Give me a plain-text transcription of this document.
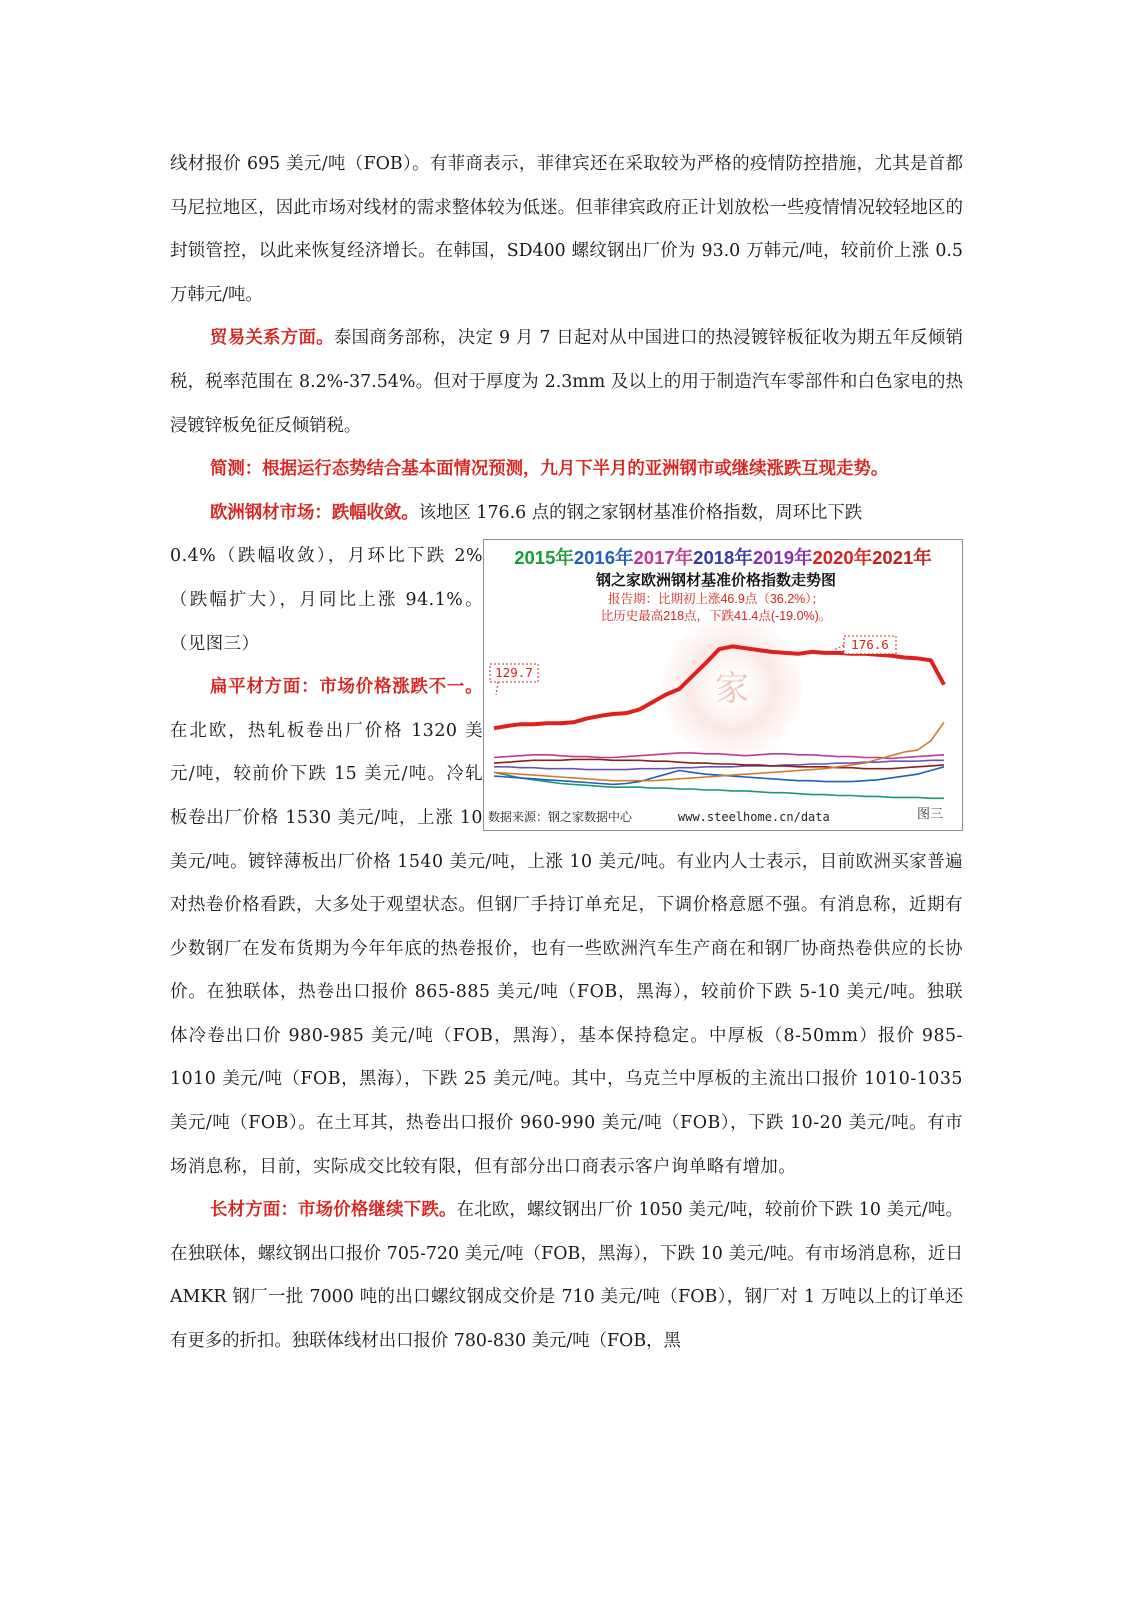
线材报价 695 美元/吨（FOB）。有菲商表示，菲律宾还在采取较为严格的疫情防控措施，尤其是首都马尼拉地区，因此市场对线材的需求整体较为低迷。但菲律宾政府正计划放松一些疫情情况较轻地区的封锁管控，以此来恢复经济增长。在韩国，SD400 螺纹钢出厂价为 93.0 万韩元/吨，较前价上涨 0.5 万韩元/吨。

贸易关系方面。泰国商务部称，决定 9 月 7 日起对从中国进口的热浸镀锌板征收为期五年反倾销税，税率范围在 8.2%-37.54%。但对于厚度为 2.3mm 及以上的用于制造汽车零部件和白色家电的热浸镀锌板免征反倾销税。

简测：根据运行态势结合基本面情况预测，九月下半月的亚洲钢市或继续涨跌互现走势。

欧洲钢材市场：跌幅收敛。该地区 176.6 点的钢之家钢材基准价格指数，周环比下跌

家
2015年2016年2017年2018年2019年2020年2021年
钢之家欧洲钢材基准价格指数走势图
报告期：比期初上涨46.9点（36.2%）；
比历史最高218点，下跌41.4点(-19.0%)。
129.7
176.6
数据来源：钢之家数据中心	www.steelhome.cn/data	图三

0.4%（跌幅收敛），月环比下跌 2%（跌幅扩大），月同比上涨 94.1%。（见图三）

扁平材方面：市场价格涨跌不一。在北欧，热轧板卷出厂价格 1320 美元/吨，较前价下跌 15 美元/吨。冷轧板卷出厂价格 1530 美元/吨，上涨 10 美元/吨。镀锌薄板出厂价格 1540 美元/吨，上涨 10 美元/吨。有业内人士表示，目前欧洲买家普遍对热卷价格看跌，大多处于观望状态。但钢厂手持订单充足，下调价格意愿不强。有消息称，近期有少数钢厂在发布货期为今年年底的热卷报价，也有一些欧洲汽车生产商在和钢厂协商热卷供应的长协价。在独联体，热卷出口报价 865-885 美元/吨（FOB，黑海），较前价下跌 5-10 美元/吨。独联体冷卷出口价 980-985 美元/吨（FOB，黑海），基本保持稳定。中厚板（8-50mm）报价 985-1010 美元/吨（FOB，黑海），下跌 25 美元/吨。其中，乌克兰中厚板的主流出口报价 1010-1035 美元/吨（FOB）。在土耳其，热卷出口报价 960-990 美元/吨（FOB），下跌 10-20 美元/吨。有市场消息称，目前，实际成交比较有限，但有部分出口商表示客户询单略有增加。

长材方面：市场价格继续下跌。在北欧，螺纹钢出厂价 1050 美元/吨，较前价下跌 10 美元/吨。在独联体，螺纹钢出口报价 705-720 美元/吨（FOB，黑海），下跌 10 美元/吨。有市场消息称，近日 AMKR 钢厂一批 7000 吨的出口螺纹钢成交价是 710 美元/吨（FOB），钢厂对 1 万吨以上的订单还有更多的折扣。独联体线材出口报价 780-830 美元/吨（FOB，黑
